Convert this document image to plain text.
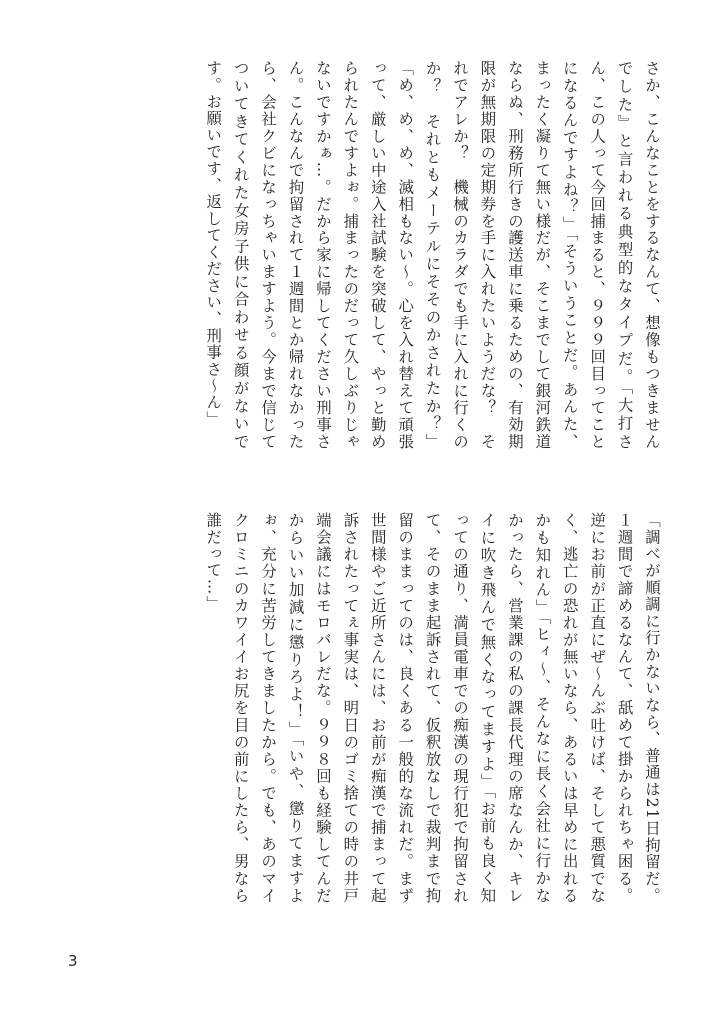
さか、こんなことをするなんて、想像もつきませんでした』と言われる典型的なタイプだ。「大打さん、この人って今回捕まると、９９９回目ってことになるんですよね？」「そういうことだ。あんた、まったく凝りて無い様だが、そこまでして銀河鉄道ならぬ、刑務所行きの護送車に乗るための、有効期限が無期限の定期券を手に入れたいようだな？　それでアレか？　機械のカラダでも手に入れに行くのか？　それともメーテルにそそのかされたか？」「め、め、め、滅相もない～。心を入れ替えて頑張って、厳しい中途入社試験を突破して、やっと勤められたんですよぉ。捕まったのだって久しぶりじゃないですかぁ…。だから家に帰してください刑事さん。こんなんで拘留されて１週間とか帰れなかったら、会社クビになっちゃいますよう。今まで信じてついてきてくれた女房子供に合わせる顔がないです。お願いです、返してください、刑事さ～ん」
「調べが順調に行かないなら、普通は21日拘留だ。１週間で諦めるなんて、舐めて掛かられちゃ困る。逆にお前が正直にぜ～んぶ吐けば、そして悪質でなく、逃亡の恐れが無いなら、あるいは早めに出れるかも知れん」「ヒィ～、そんなに長く会社に行かなかったら、営業課の私の課長代理の席なんか、キレイに吹き飛んで無くなってますよ」「お前も良く知っての通り、満員電車での痴漢の現行犯で拘留されて、そのまま起訴されて、仮釈放なしで裁判まで拘留のままってのは、良くある一般的な流れだ。まず世間様やご近所さんには、お前が痴漢で捕まって起訴されたってぇ事実は、明日のゴミ捨ての時の井戸端会議にはモロバレだな。９９８回も経験してんだからいい加減に懲りろよ！」「いや、懲りてますよぉ、充分に苦労してきましたから。でも、あのマイクロミニのカワイイお尻を目の前にしたら、男なら誰だって…」
3
